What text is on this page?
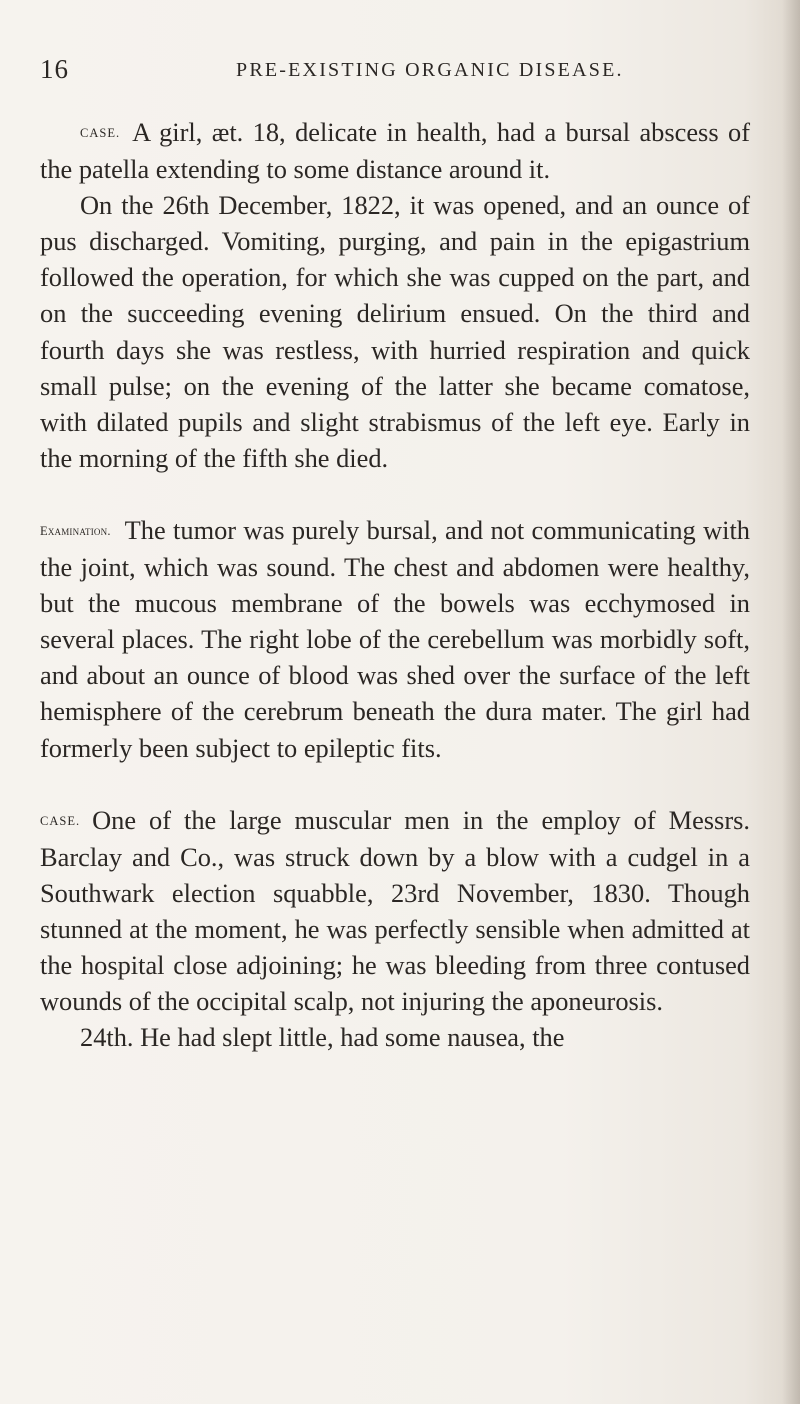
16	PRE-EXISTING ORGANIC DISEASE.

CASE. A girl, æt. 18, delicate in health, had a bursal abscess of the patella extending to some distance around it.

On the 26th December, 1822, it was opened, and an ounce of pus discharged. Vomiting, purging, and pain in the epigastrium followed the operation, for which she was cupped on the part, and on the succeeding evening delirium ensued. On the third and fourth days she was restless, with hurried respiration and quick small pulse; on the evening of the latter she became comatose, with dilated pupils and slight strabismus of the left eye. Early in the morning of the fifth she died.

Examination. The tumor was purely bursal, and not communicating with the joint, which was sound. The chest and abdomen were healthy, but the mucous membrane of the bowels was ecchymosed in several places. The right lobe of the cerebellum was morbidly soft, and about an ounce of blood was shed over the surface of the left hemisphere of the cerebrum beneath the dura mater. The girl had formerly been subject to epileptic fits.

CASE. One of the large muscular men in the employ of Messrs. Barclay and Co., was struck down by a blow with a cudgel in a Southwark election squabble, 23rd November, 1830. Though stunned at the moment, he was perfectly sensible when admitted at the hospital close adjoining; he was bleeding from three contused wounds of the occipital scalp, not injuring the aponeurosis.

24th. He had slept little, had some nausea, the
